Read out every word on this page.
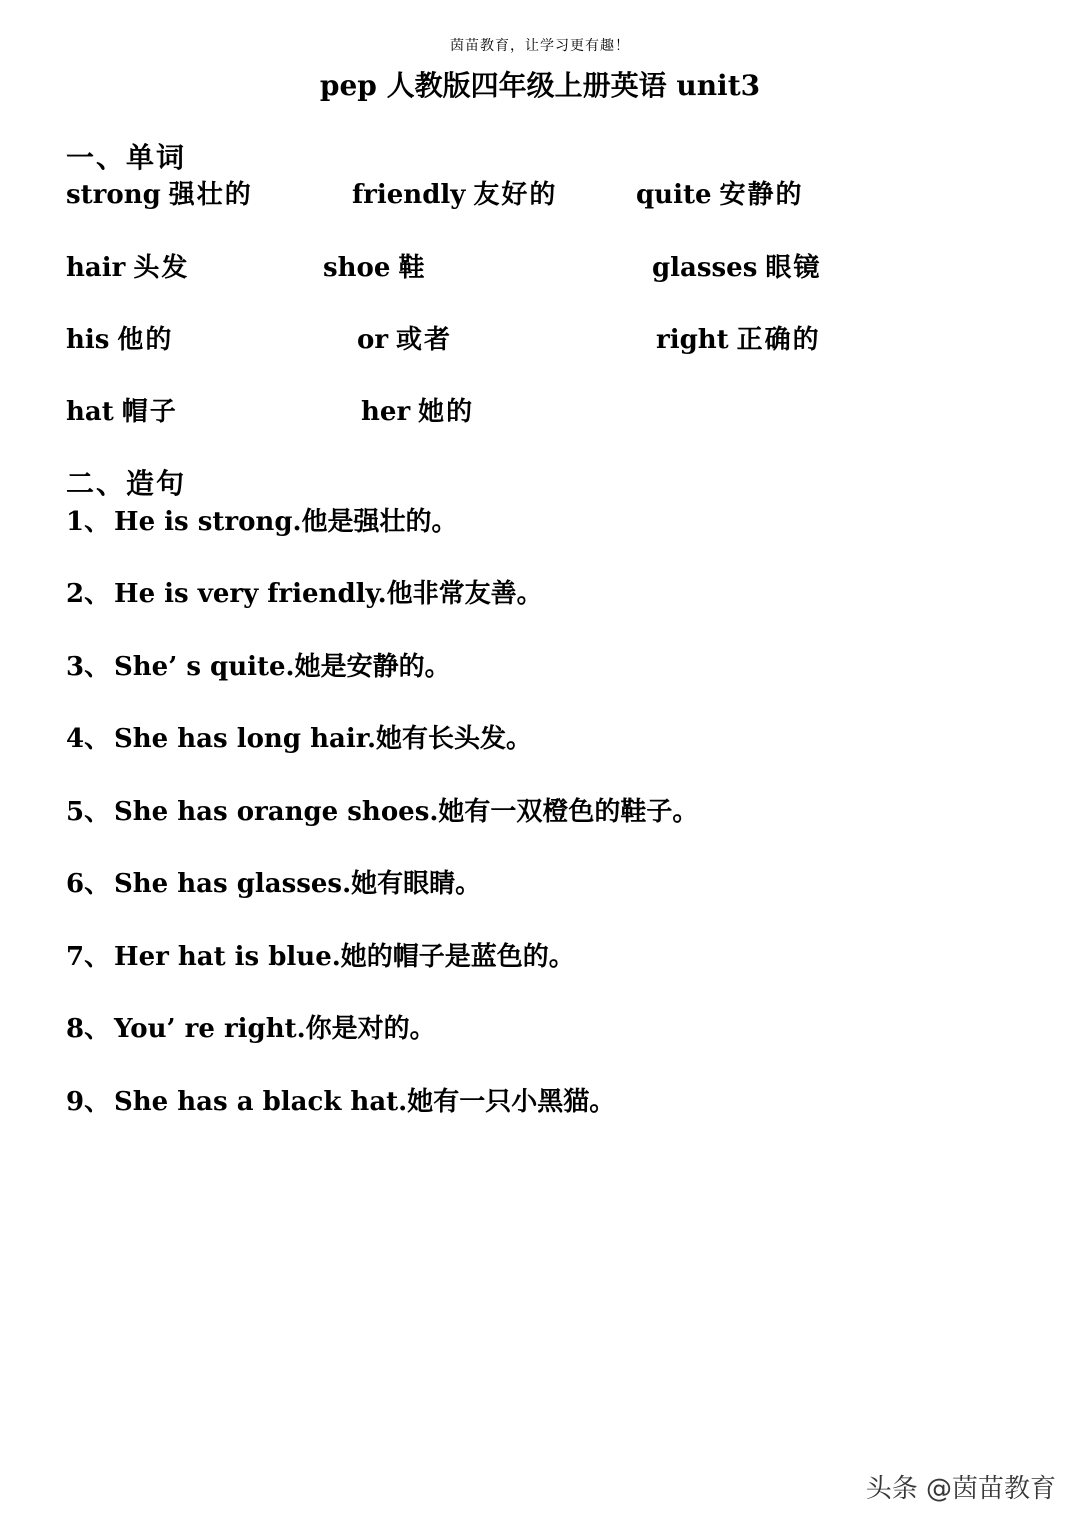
茵苗教育，让学习更有趣！
pep 人教版四年级上册英语 unit3
一、单词
strong 强壮的	friendly 友好的	quite 安静的
hair 头发	shoe 鞋	glasses 眼镜
his 他的	or 或者	right 正确的
hat 帽子	her 她的
二、造句
1、 He is strong.他是强壮的。
2、 He is very friendly.他非常友善。
3、 She’ s quite.她是安静的。
4、 She has long hair.她有长头发。
5、 She has orange shoes.她有一双橙色的鞋子。
6、 She has glasses.她有眼睛。
7、 Her hat is blue.她的帽子是蓝色的。
8、 You’ re right.你是对的。
9、 She has a black hat.她有一只小黑猫。
头条 @茵苗教育
